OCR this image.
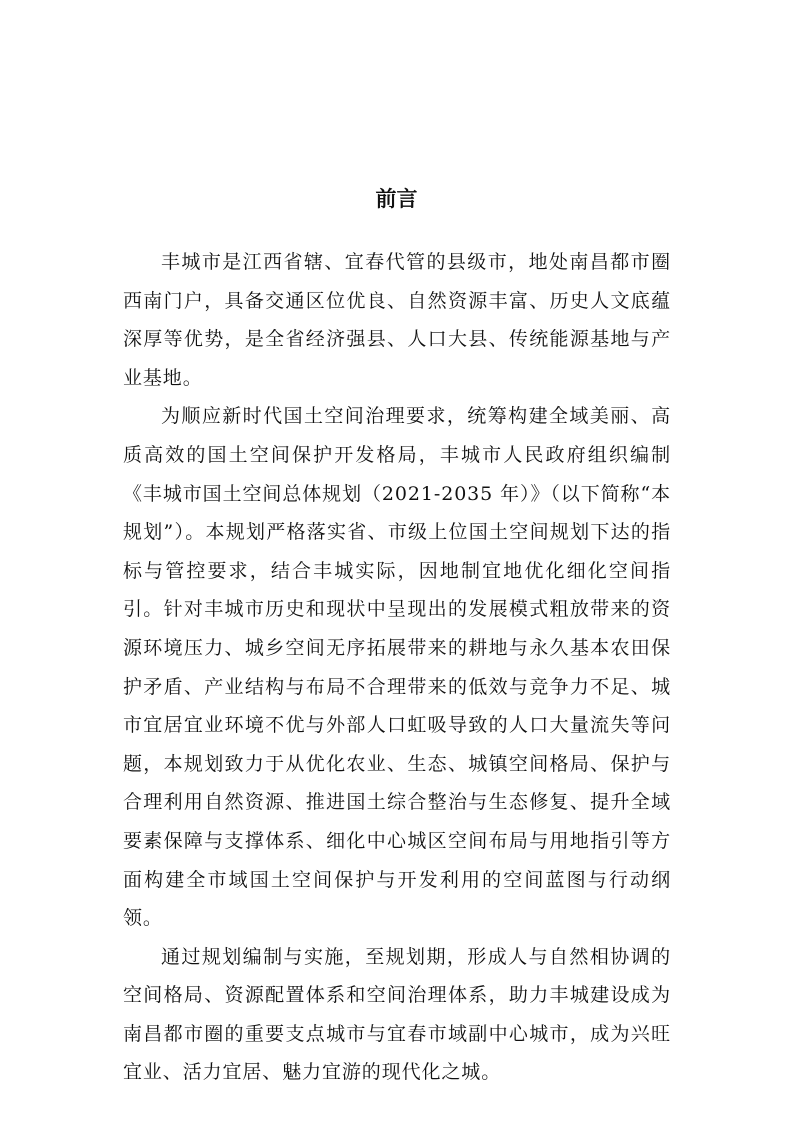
前言

丰城市是江西省辖、宜春代管的县级市，地处南昌都市圈西南门户，具备交通区位优良、自然资源丰富、历史人文底蕴深厚等优势，是全省经济强县、人口大县、传统能源基地与产业基地。

为顺应新时代国土空间治理要求，统筹构建全域美丽、高质高效的国土空间保护开发格局，丰城市人民政府组织编制《丰城市国土空间总体规划（2021-2035 年）》（以下简称“本规划”）。本规划严格落实省、市级上位国土空间规划下达的指标与管控要求，结合丰城实际，因地制宜地优化细化空间指引。针对丰城市历史和现状中呈现出的发展模式粗放带来的资源环境压力、城乡空间无序拓展带来的耕地与永久基本农田保护矛盾、产业结构与布局不合理带来的低效与竞争力不足、城市宜居宜业环境不优与外部人口虹吸导致的人口大量流失等问题，本规划致力于从优化农业、生态、城镇空间格局、保护与合理利用自然资源、推进国土综合整治与生态修复、提升全域要素保障与支撑体系、细化中心城区空间布局与用地指引等方面构建全市域国土空间保护与开发利用的空间蓝图与行动纲领。

通过规划编制与实施，至规划期，形成人与自然相协调的空间格局、资源配置体系和空间治理体系，助力丰城建设成为南昌都市圈的重要支点城市与宜春市域副中心城市，成为兴旺宜业、活力宜居、魅力宜游的现代化之城。
